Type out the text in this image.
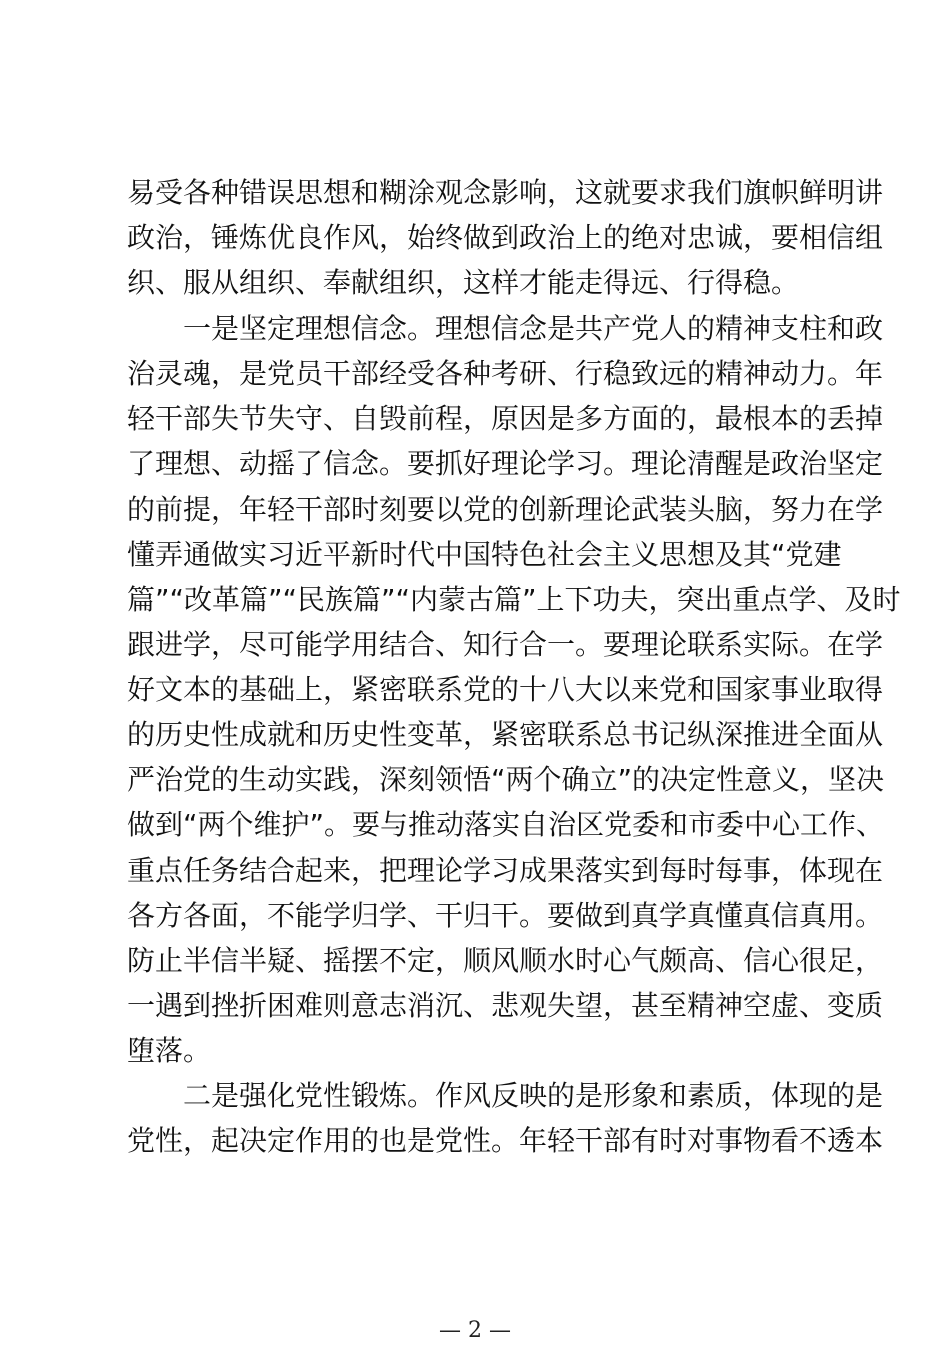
易受各种错误思想和糊涂观念影响，这就要求我们旗帜鲜明讲
政治，锤炼优良作风，始终做到政治上的绝对忠诚，要相信组
织、服从组织、奉献组织，这样才能走得远、行得稳。
一是坚定理想信念。理想信念是共产党人的精神支柱和政
治灵魂，是党员干部经受各种考研、行稳致远的精神动力。年
轻干部失节失守、自毁前程，原因是多方面的，最根本的丢掉
了理想、动摇了信念。要抓好理论学习。理论清醒是政治坚定
的前提，年轻干部时刻要以党的创新理论武装头脑，努力在学
懂弄通做实习近平新时代中国特色社会主义思想及其“党建
篇”“改革篇”“民族篇”“内蒙古篇”上下功夫，突出重点学、及时
跟进学，尽可能学用结合、知行合一。要理论联系实际。在学
好文本的基础上，紧密联系党的十八大以来党和国家事业取得
的历史性成就和历史性变革，紧密联系总书记纵深推进全面从
严治党的生动实践，深刻领悟“两个确立”的决定性意义，坚决
做到“两个维护”。要与推动落实自治区党委和市委中心工作、
重点任务结合起来，把理论学习成果落实到每时每事，体现在
各方各面，不能学归学、干归干。要做到真学真懂真信真用。
防止半信半疑、摇摆不定，顺风顺水时心气颇高、信心很足，
一遇到挫折困难则意志消沉、悲观失望，甚至精神空虚、变质
堕落。
二是强化党性锻炼。作风反映的是形象和素质，体现的是
党性，起决定作用的也是党性。年轻干部有时对事物看不透本
— 2 —
